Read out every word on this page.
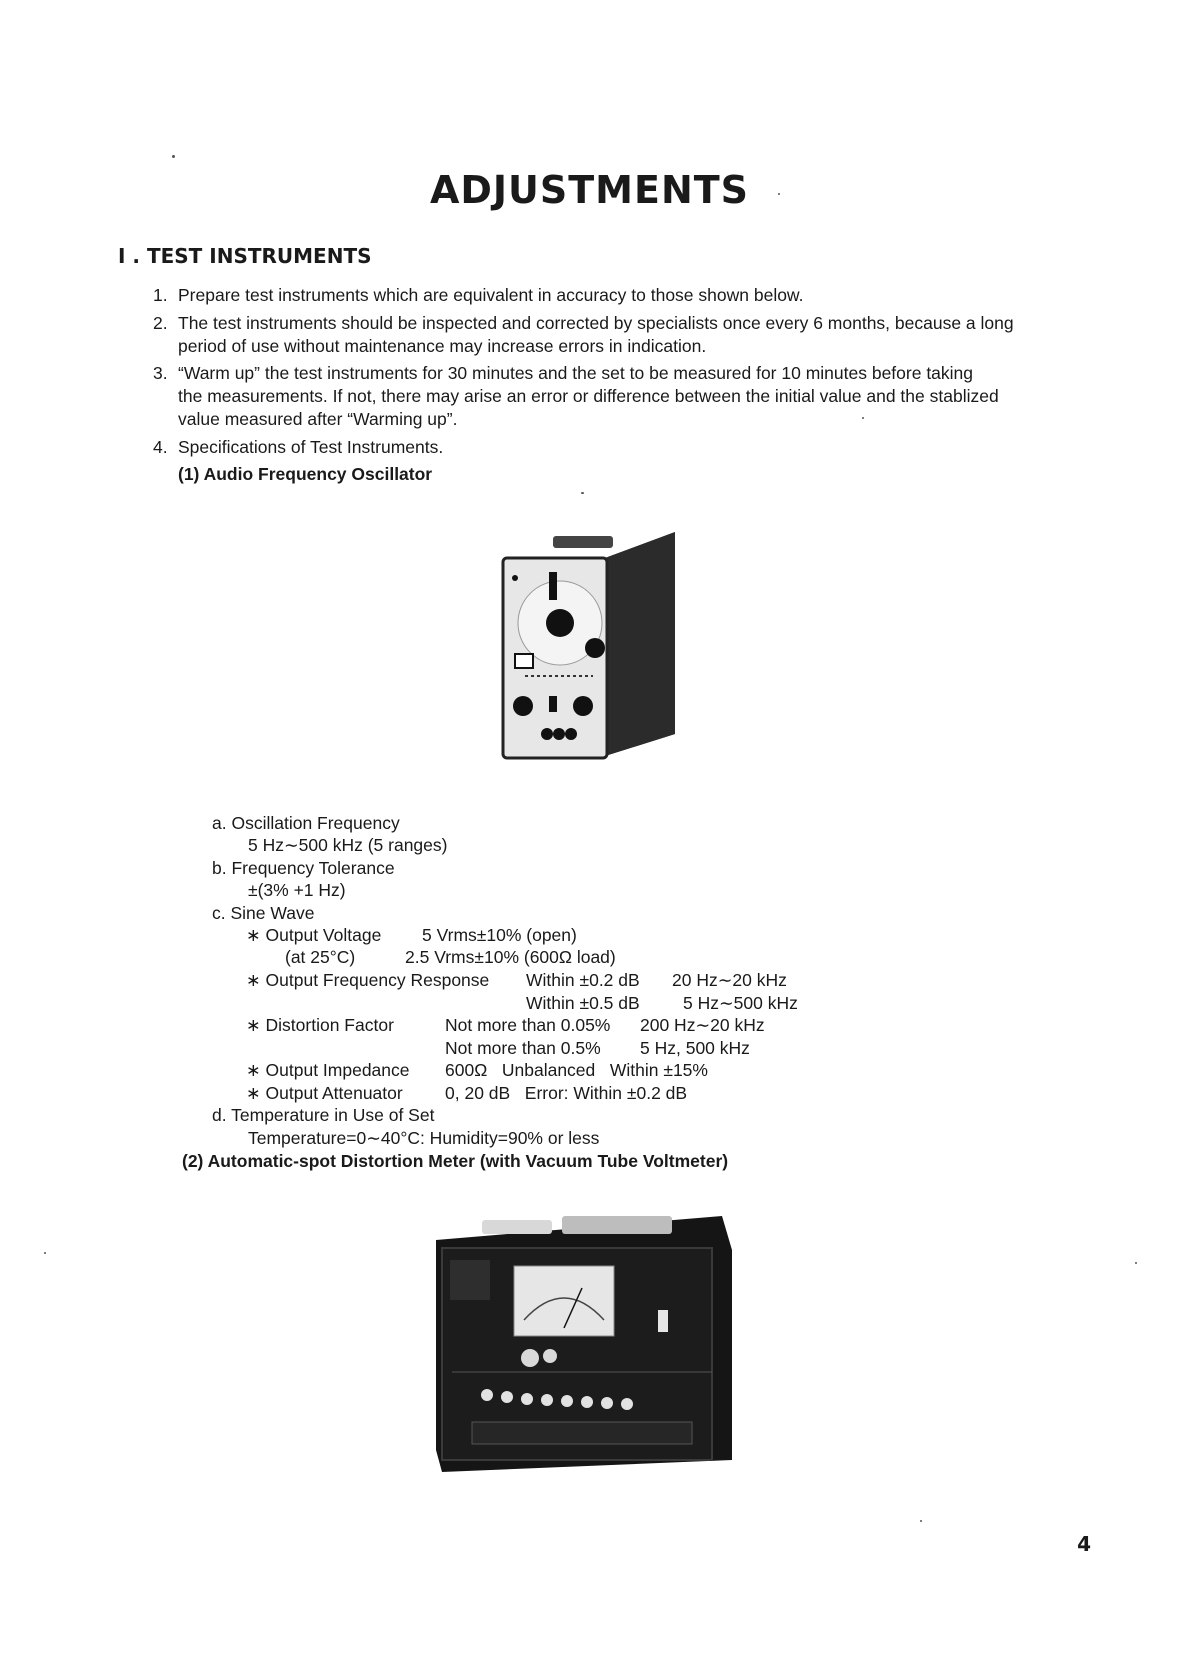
ADJUSTMENTS
I . TEST INSTRUMENTS
1. Prepare test instruments which are equivalent in accuracy to those shown below.
2. The test instruments should be inspected and corrected by specialists once every 6 months, because a long
period of use without maintenance may increase errors in indication.
3. “Warm up” the test instruments for 30 minutes and the set to be measured for 10 minutes before taking
the measurements. If not, there may arise an error or difference between the initial value and the stablized
value measured after “Warming up”.
4. Specifications of Test Instruments.
(1) Audio Frequency Oscillator
a. Oscillation Frequency
5 Hz∼500 kHz (5 ranges)
b. Frequency Tolerance
±(3% +1 Hz)
c. Sine Wave
∗ Output Voltage 5 Vrms±10% (open)
(at 25°C)	2.5 Vrms±10% (600Ω load)
∗ Output Frequency Response Within ±0.2 dB 20 Hz∼20 kHz
Within ±0.5 dB 5 Hz∼500 kHz
∗ Distortion Factor	Not more than 0.05% 200 Hz∼20 kHz
Not more than 0.5% 5 Hz, 500 kHz
∗ Output Impedance 600Ω   Unbalanced   Within ±15%
∗ Output Attenuator 0, 20 dB   Error: Within ±0.2 dB
d. Temperature in Use of Set
Temperature=0∼40°C: Humidity=90% or less
(2) Automatic-spot Distortion Meter (with Vacuum Tube Voltmeter)
4
